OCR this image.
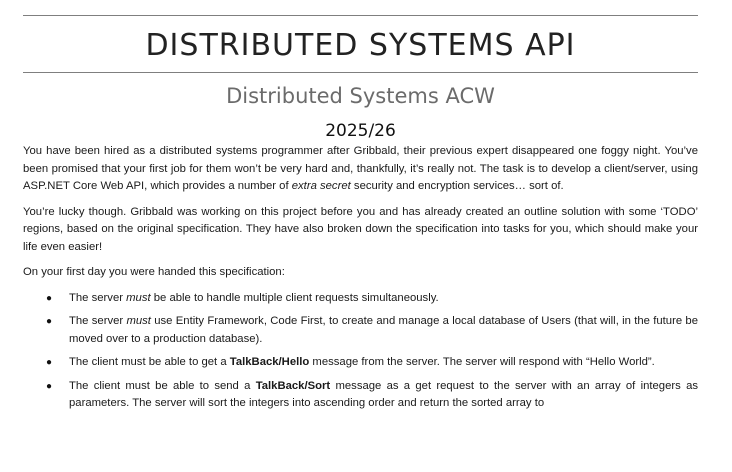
DISTRIBUTED SYSTEMS API
Distributed Systems ACW
2025/26

You have been hired as a distributed systems programmer after Gribbald, their previous expert disappeared one foggy night. You’ve been promised that your first job for them won’t be very hard and, thankfully, it’s really not. The task is to develop a client/server, using ASP.NET Core Web API, which provides a number of extra secret security and encryption services… sort of.

You’re lucky though. Gribbald was working on this project before you and has already created an outline solution with some ‘TODO’ regions, based on the original specification. They have also broken down the specification into tasks for you, which should make your life even easier!

On your first day you were handed this specification:

● The server must be able to handle multiple client requests simultaneously.
● The server must use Entity Framework, Code First, to create and manage a local database of Users (that will, in the future be moved over to a production database).
● The client must be able to get a TalkBack/Hello message from the server. The server will respond with “Hello World”.
● The client must be able to send a TalkBack/Sort message as a get request to the server with an array of integers as parameters. The server will sort the integers into ascending order and return the sorted array to
